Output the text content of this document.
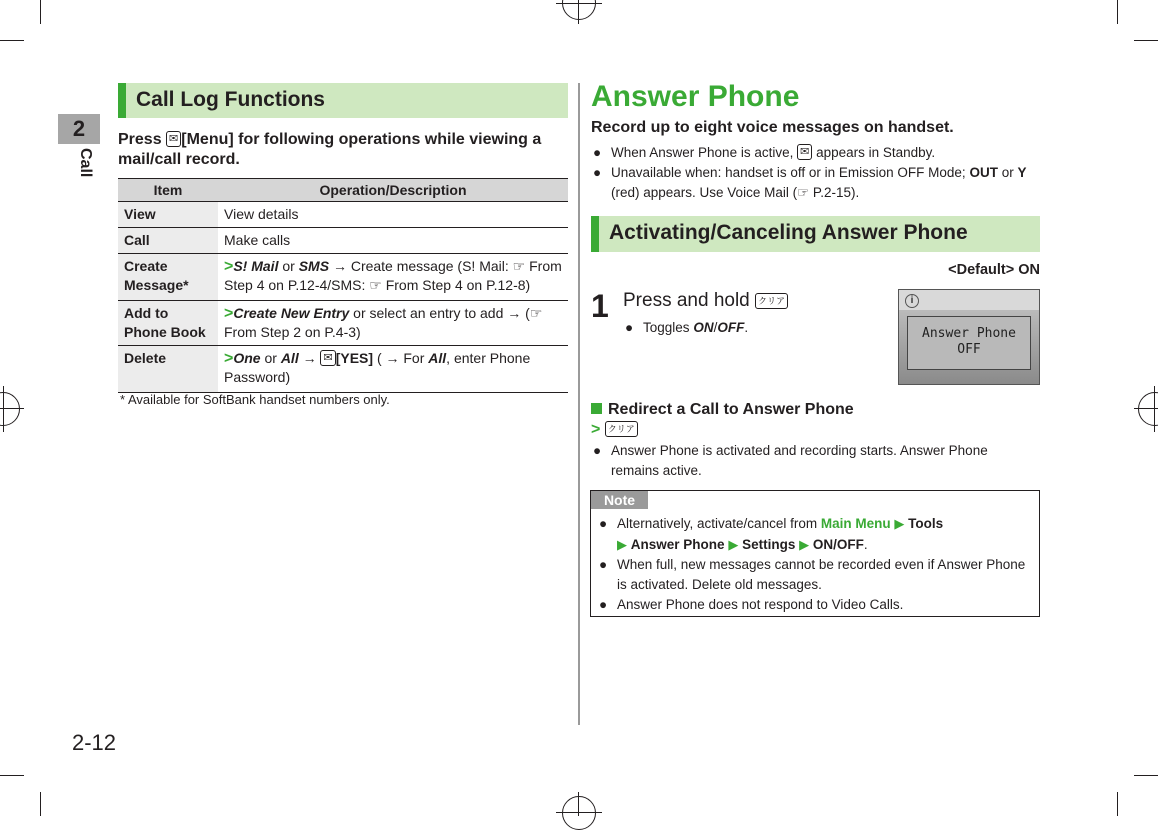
2
Call
2-12
Call Log Functions
Press ✉ [Menu] for following operations while viewing a mail/call record.
Item	Operation/Description
View	View details
Call	Make calls
Create Message*	>S! Mail or SMS → Create message (S! Mail: ☞ From Step 4 on P.12-4/SMS: ☞ From Step 4 on P.12-8)
Add to Phone Book	>Create New Entry or select an entry to add → (☞ From Step 2 on P.4-3)
Delete	>One or All → ✉ [YES] ( → For All, enter Phone Password)
* Available for SoftBank handset numbers only.
Answer Phone
Record up to eight voice messages on handset.
● When Answer Phone is active, ✉ appears in Standby.
● Unavailable when: handset is off or in Emission OFF Mode; OUT or Y (red) appears. Use Voice Mail (☞ P.2-15).
Activating/Canceling Answer Phone
<Default> ON
1 Press and hold クリア
● Toggles ON/OFF.
i
Answer Phone
OFF
Redirect a Call to Answer Phone
> クリア
● Answer Phone is activated and recording starts. Answer Phone remains active.
Note
● Alternatively, activate/cancel from Main Menu ▶ Tools
▶ Answer Phone ▶ Settings ▶ ON/OFF.
● When full, new messages cannot be recorded even if Answer Phone is activated. Delete old messages.
● Answer Phone does not respond to Video Calls.
